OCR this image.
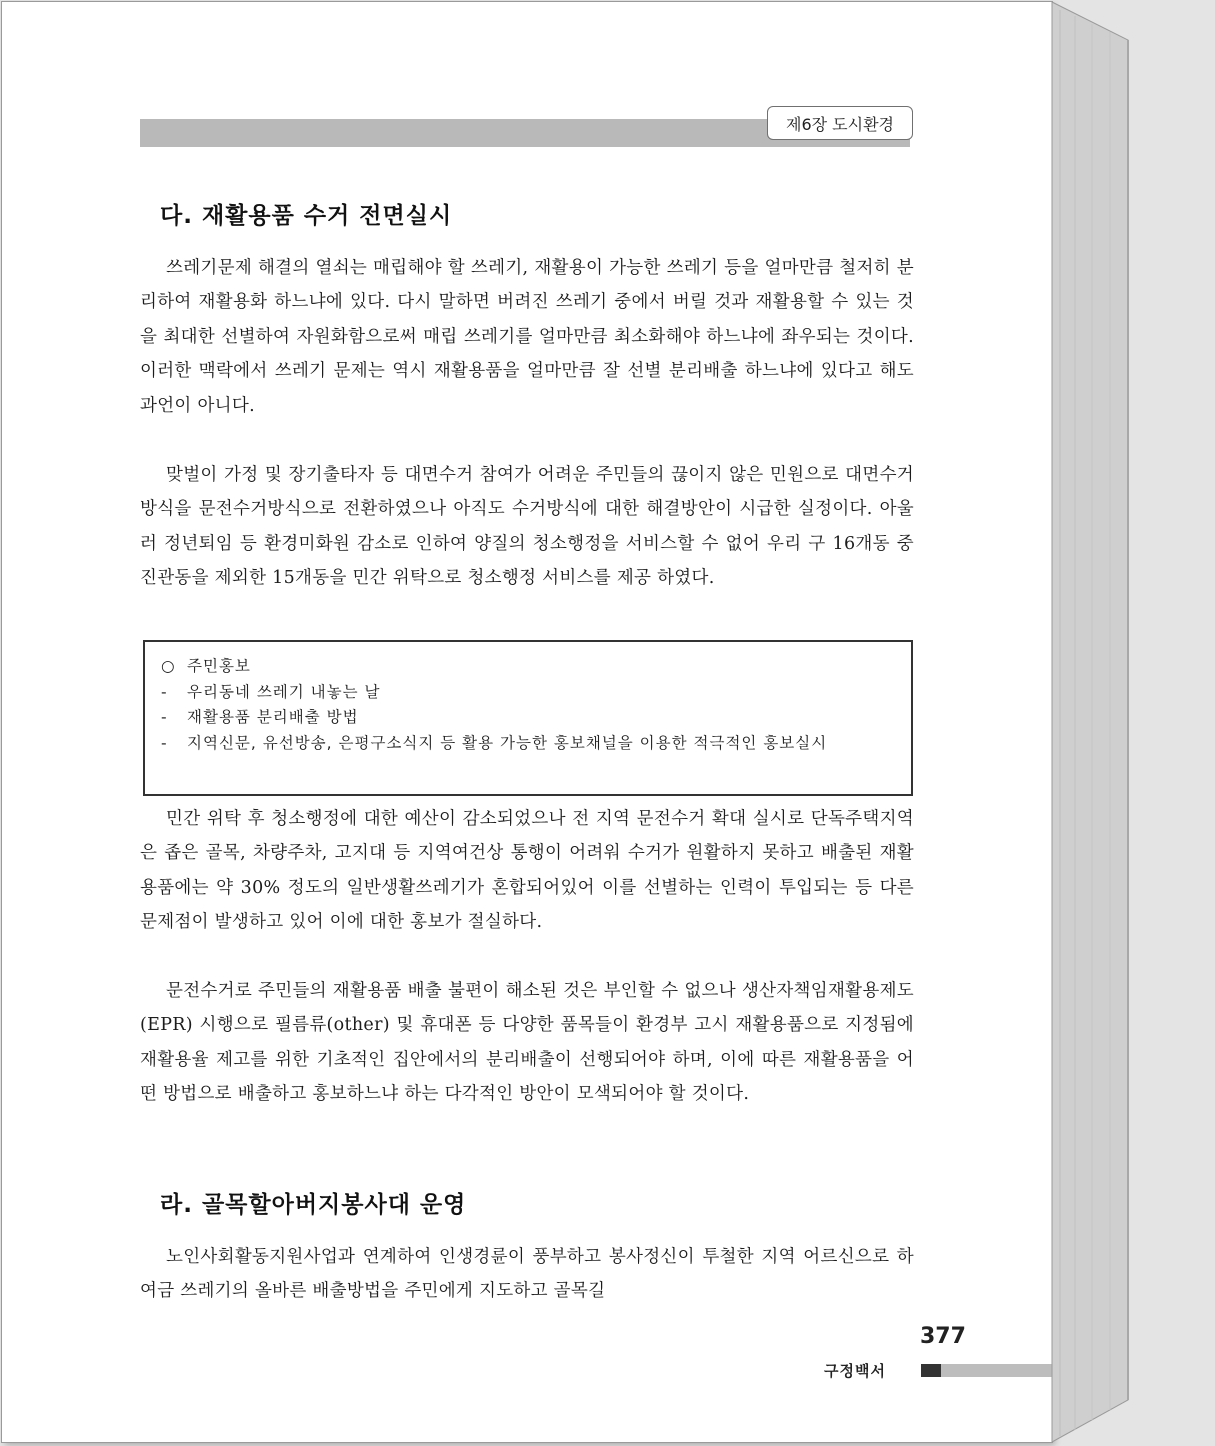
제6장 도시환경
다. 재활용품 수거 전면실시

쓰레기문제 해결의 열쇠는 매립해야 할 쓰레기, 재활용이 가능한 쓰레기 등을 얼마만큼 철저히 분리하여 재활용화 하느냐에 있다. 다시 말하면 버려진 쓰레기 중에서 버릴 것과 재활용할 수 있는 것을 최대한 선별하여 자원화함으로써 매립 쓰레기를 얼마만큼 최소화해야 하느냐에 좌우되는 것이다. 이러한 맥락에서 쓰레기 문제는 역시 재활용품을 얼마만큼 잘 선별 분리배출 하느냐에 있다고 해도 과언이 아니다.

맞벌이 가정 및 장기출타자 등 대면수거 참여가 어려운 주민들의 끊이지 않은 민원으로 대면수거 방식을 문전수거방식으로 전환하였으나 아직도 수거방식에 대한 해결방안이 시급한 실정이다. 아울러 정년퇴임 등 환경미화원 감소로 인하여 양질의 청소행정을 서비스할 수 없어 우리 구 16개동 중 진관동을 제외한 15개동을 민간 위탁으로 청소행정 서비스를 제공 하였다.

○ 주민홍보
-	우리동네 쓰레기 내놓는 날
-	재활용품 분리배출 방법
-	지역신문, 유선방송, 은평구소식지 등 활용 가능한 홍보채널을 이용한 적극적인 홍보실시

민간 위탁 후 청소행정에 대한 예산이 감소되었으나 전 지역 문전수거 확대 실시로 단독주택지역은 좁은 골목, 차량주차, 고지대 등 지역여건상 통행이 어려워 수거가 원활하지 못하고 배출된 재활용품에는 약 30% 정도의 일반생활쓰레기가 혼합되어있어 이를 선별하는 인력이 투입되는 등 다른 문제점이 발생하고 있어 이에 대한 홍보가 절실하다.

문전수거로 주민들의 재활용품 배출 불편이 해소된 것은 부인할 수 없으나 생산자책임재활용제도(EPR) 시행으로 필름류(other) 및 휴대폰 등 다양한 품목들이 환경부 고시 재활용품으로 지정됨에 재활용율 제고를 위한 기초적인 집안에서의 분리배출이 선행되어야 하며, 이에 따른 재활용품을 어떤 방법으로 배출하고 홍보하느냐 하는 다각적인 방안이 모색되어야 할 것이다.

라. 골목할아버지봉사대 운영

노인사회활동지원사업과 연계하여 인생경륜이 풍부하고 봉사정신이 투철한 지역 어르신으로 하여금 쓰레기의 올바른 배출방법을 주민에게 지도하고 골목길

377
구정백서
